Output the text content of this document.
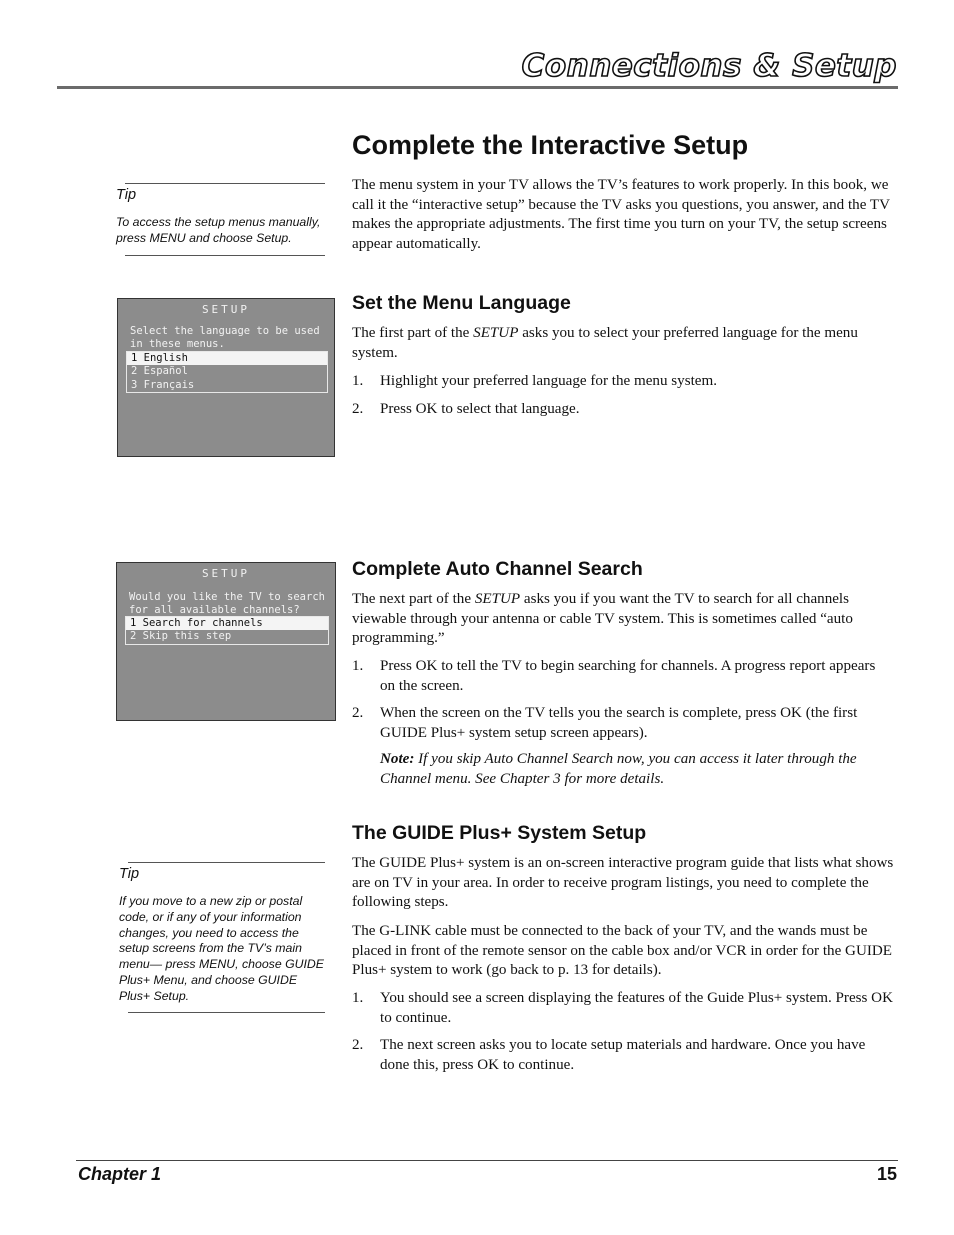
Connections & Setup
Complete the Interactive Setup

The menu system in your TV allows the TV’s features to work properly. In this book, we call it the “interactive setup” because the TV asks you questions, you answer, and the TV makes the appropriate adjustments. The first time you turn on your TV, the setup screens appear automatically.

Tip
To access the setup menus manually, press MENU and choose Setup.
SETUP
Select the language to be used
in these menus.
1 English
2 Español
3 Français
Set the Menu Language

The first part of the SETUP asks you to select your preferred language for the menu system.

1. Highlight your preferred language for the menu system.
2. Press OK to select that language.
SETUP
Would you like the TV to search
for all available channels?
1 Search for channels
2 Skip this step
Complete Auto Channel Search

The next part of the SETUP asks you if you want the TV to search for all channels viewable through your antenna or cable TV system. This is sometimes called “auto programming.”

1. Press OK to tell the TV to begin searching for channels. A progress report appears on the screen.
2. When the screen on the TV tells you the search is complete, press OK (the first GUIDE Plus+ system setup screen appears).
Note: If you skip Auto Channel Search now, you can access it later through the Channel menu. See Chapter 3 for more details.
The GUIDE Plus+ System Setup

The GUIDE Plus+ system is an on-screen interactive program guide that lists what shows are on TV in your area. In order to receive program listings, you need to complete the following steps.

The G-LINK cable must be connected to the back of your TV, and the wands must be placed in front of the remote sensor on the cable box and/or VCR in order for the GUIDE Plus+ system to work (go back to p. 13 for details).

1. You should see a screen displaying the features of the Guide Plus+ system. Press OK to continue.
2. The next screen asks you to locate setup materials and hardware. Once you have done this, press OK to continue.
Tip
If you move to a new zip or postal code, or if any of your information changes, you need to access the setup screens from the TV’s main menu— press MENU, choose GUIDE Plus+ Menu, and choose GUIDE Plus+ Setup.
Chapter 1	15
